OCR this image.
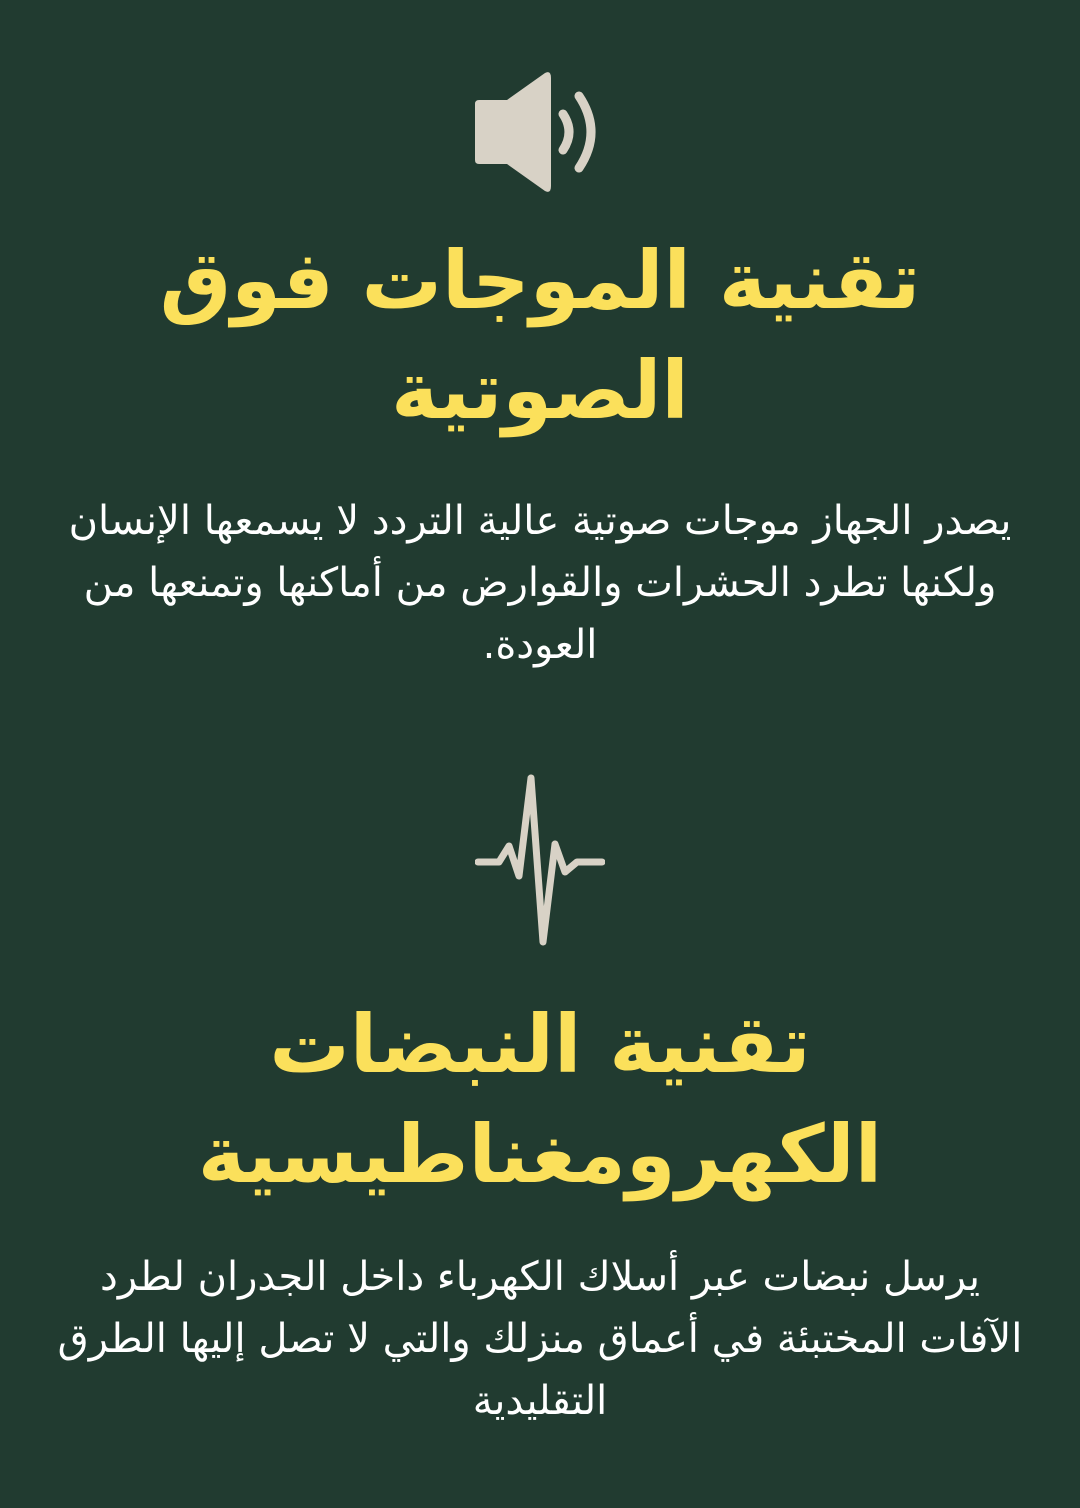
تقنية الموجات فوق الصوتية

يصدر الجهاز موجات صوتية عالية التردد لا يسمعها الإنسان ولكنها تطرد الحشرات والقوارض من أماكنها وتمنعها من العودة.

تقنية النبضات الكهرومغناطيسية

يرسل نبضات عبر أسلاك الكهرباء داخل الجدران لطرد الآفات المختبئة في أعماق منزلك والتي لا تصل إليها الطرق التقليدية
